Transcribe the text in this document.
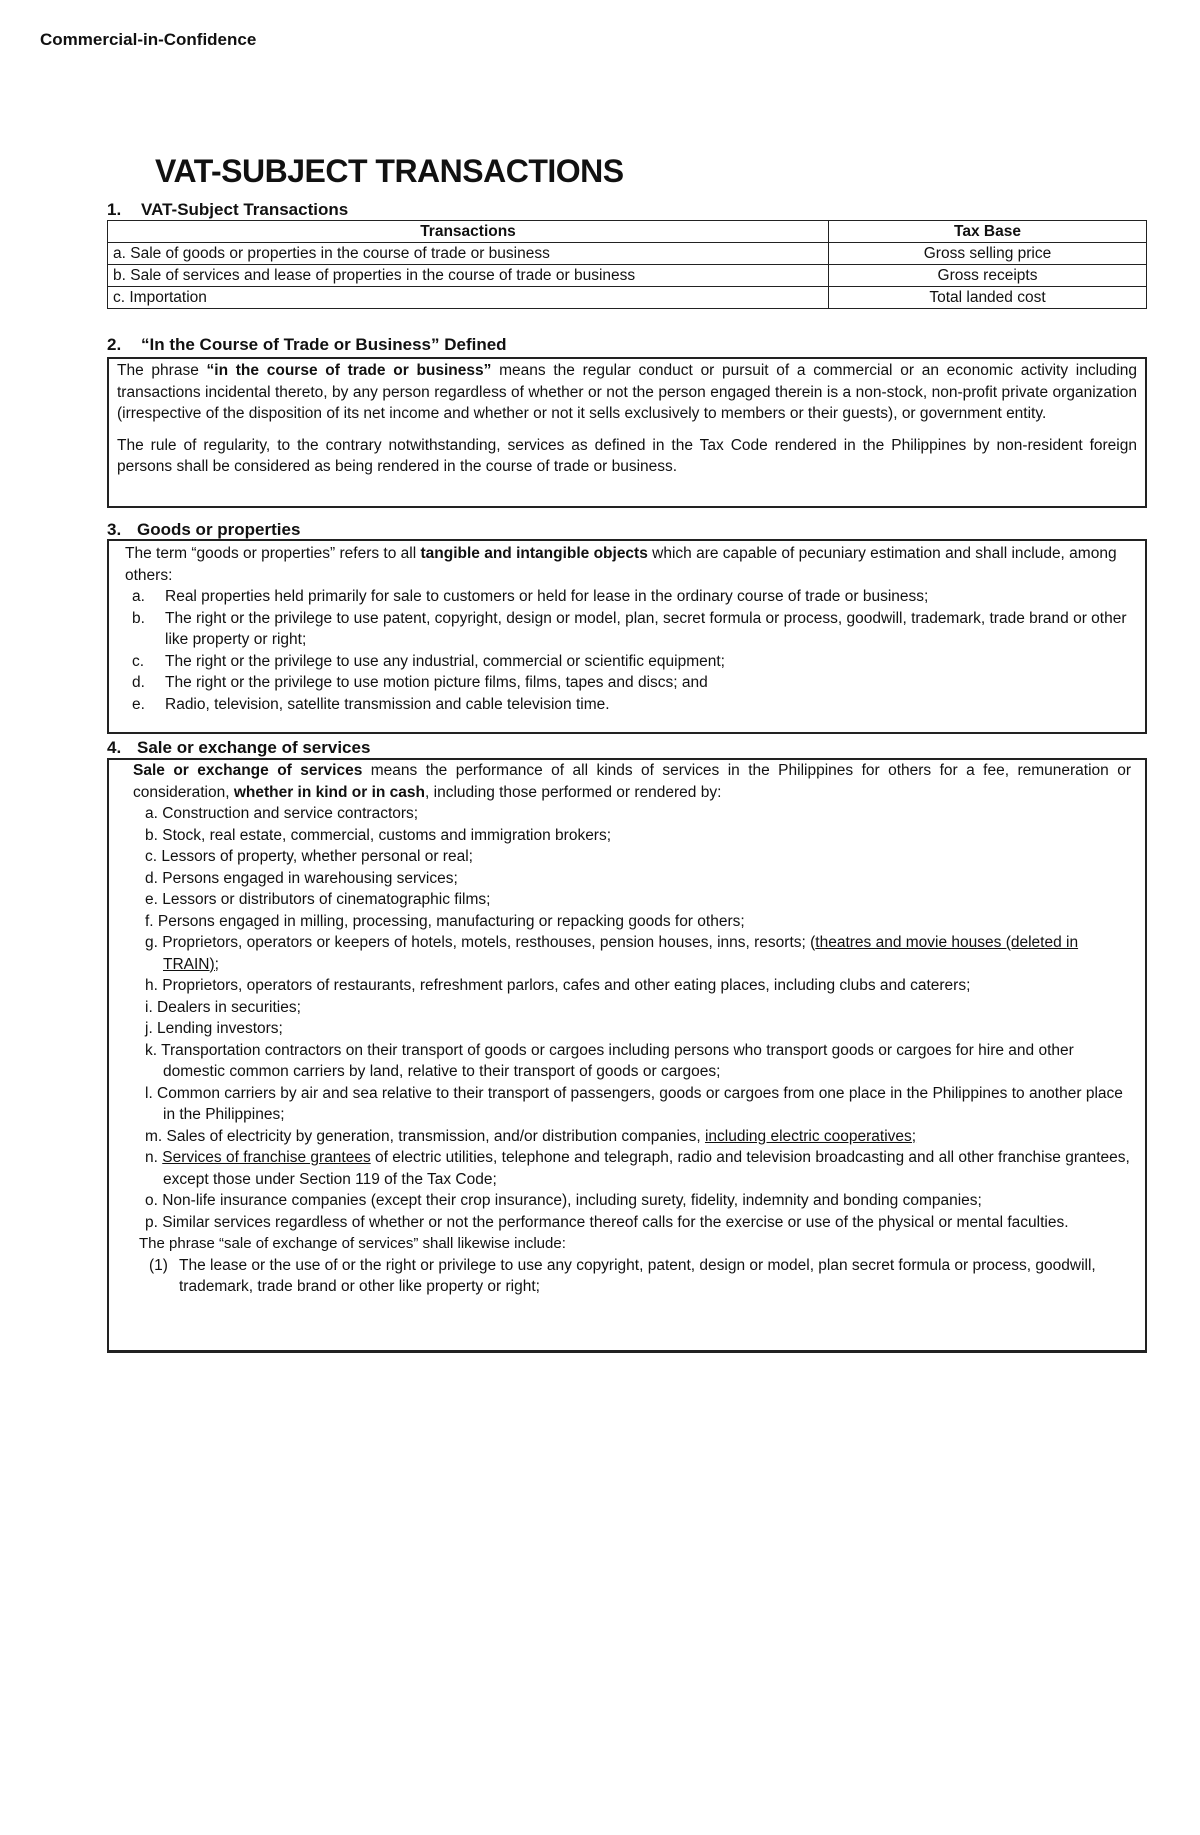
Commercial-in-Confidence
VAT-SUBJECT TRANSACTIONS
1. VAT-Subject Transactions
Transactions	Tax Base
a. Sale of goods or properties in the course of trade or business	Gross selling price
b. Sale of services and lease of properties in the course of trade or business	Gross receipts
c. Importation	Total landed cost
2. “In the Course of Trade or Business” Defined

The phrase “in the course of trade or business” means the regular conduct or pursuit of a commercial or an economic activity including transactions incidental thereto, by any person regardless of whether or not the person engaged therein is a non-stock, non-profit private organization (irrespective of the disposition of its net income and whether or not it sells exclusively to members or their guests), or government entity.

The rule of regularity, to the contrary notwithstanding, services as defined in the Tax Code rendered in the Philippines by non-resident foreign persons shall be considered as being rendered in the course of trade or business.

3. Goods or properties
The term “goods or properties” refers to all tangible and intangible objects which are capable of pecuniary estimation and shall include, among others:
a. Real properties held primarily for sale to customers or held for lease in the ordinary course of trade or business;
b. The right or the privilege to use patent, copyright, design or model, plan, secret formula or process, goodwill, trademark, trade brand or other like property or right;
c. The right or the privilege to use any industrial, commercial or scientific equipment;
d. The right or the privilege to use motion picture films, films, tapes and discs; and
e. Radio, television, satellite transmission and cable television time.
4. Sale or exchange of services

Sale or exchange of services means the performance of all kinds of services in the Philippines for others for a fee, remuneration or consideration, whether in kind or in cash, including those performed or rendered by:

a. Construction and service contractors;
b. Stock, real estate, commercial, customs and immigration brokers;
c. Lessors of property, whether personal or real;
d. Persons engaged in warehousing services;
e. Lessors or distributors of cinematographic films;
f. Persons engaged in milling, processing, manufacturing or repacking goods for others;
g. Proprietors, operators or keepers of hotels, motels, resthouses, pension houses, inns, resorts; (theatres and movie houses (deleted in TRAIN);
h. Proprietors, operators of restaurants, refreshment parlors, cafes and other eating places, including clubs and caterers;
i. Dealers in securities;
j. Lending investors;
k. Transportation contractors on their transport of goods or cargoes including persons who transport goods or cargoes for hire and other domestic common carriers by land, relative to their transport of goods or cargoes;
l. Common carriers by air and sea relative to their transport of passengers, goods or cargoes from one place in the Philippines to another place in the Philippines;
m. Sales of electricity by generation, transmission, and/or distribution companies, including electric cooperatives;
n. Services of franchise grantees of electric utilities, telephone and telegraph, radio and television broadcasting and all other franchise grantees, except those under Section 119 of the Tax Code;
o. Non-life insurance companies (except their crop insurance), including surety, fidelity, indemnity and bonding companies;
p. Similar services regardless of whether or not the performance thereof calls for the exercise or use of the physical or mental faculties.

The phrase “sale of exchange of services” shall likewise include:

(1) The lease or the use of or the right or privilege to use any copyright, patent, design or model, plan secret formula or process, goodwill, trademark, trade brand or other like property or right;
